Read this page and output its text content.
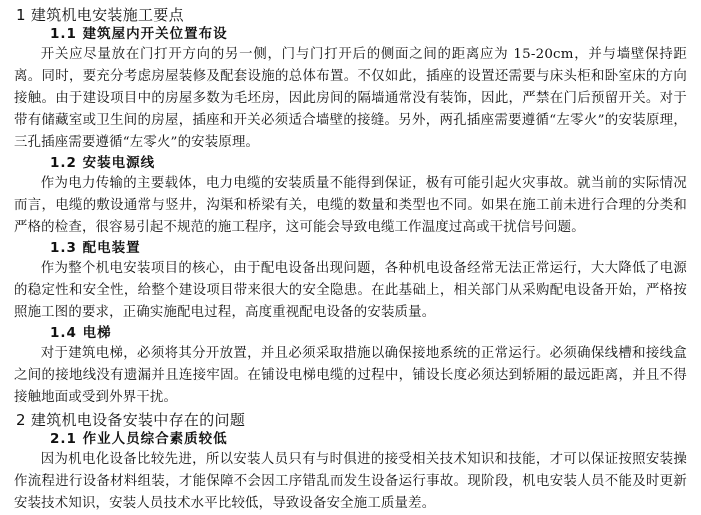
1 建筑机电安装施工要点
1.1 建筑屋内开关位置布设

开关应尽量放在门打开方向的另一侧，门与门打开后的侧面之间的距离应为 15-20cm，并与墙壁保持距离。同时，要充分考虑房屋装修及配套设施的总体布置。不仅如此，插座的设置还需要与床头柜和卧室床的方向接触。由于建设项目中的房屋多数为毛坯房，因此房间的隔墙通常没有装饰，因此，严禁在门后预留开关。对于带有储藏室或卫生间的房屋，插座和开关必须适合墙壁的接缝。另外，两孔插座需要遵循“左零火”的安装原理，三孔插座需要遵循“左零火”的安装原理。

1.2 安装电源线

作为电力传输的主要载体，电力电缆的安装质量不能得到保证，极有可能引起火灾事故。就当前的实际情况而言，电缆的敷设通常与竖井，沟渠和桥梁有关，电缆的数量和类型也不同。如果在施工前未进行合理的分类和严格的检查，很容易引起不规范的施工程序，这可能会导致电缆工作温度过高或干扰信号问题。

1.3 配电装置

作为整个机电安装项目的核心，由于配电设备出现问题，各种机电设备经常无法正常运行，大大降低了电源的稳定性和安全性，给整个建设项目带来很大的安全隐患。在此基础上，相关部门从采购配电设备开始，严格按照施工图的要求，正确实施配电过程，高度重视配电设备的安装质量。

1.4 电梯

对于建筑电梯，必须将其分开放置，并且必须采取措施以确保接地系统的正常运行。必须确保线槽和接线盒之间的接地线没有遗漏并且连接牢固。在铺设电梯电缆的过程中，铺设长度必须达到轿厢的最远距离，并且不得接触地面或受到外界干扰。

2 建筑机电设备安装中存在的问题
2.1 作业人员综合素质较低

因为机电化设备比较先进，所以安装人员只有与时俱进的接受相关技术知识和技能，才可以保证按照安装操作流程进行设备材料组装，才能保障不会因工序错乱而发生设备运行事故。现阶段，机电安装人员不能及时更新安装技术知识，安装人员技术水平比较低，导致设备安全施工质量差。
